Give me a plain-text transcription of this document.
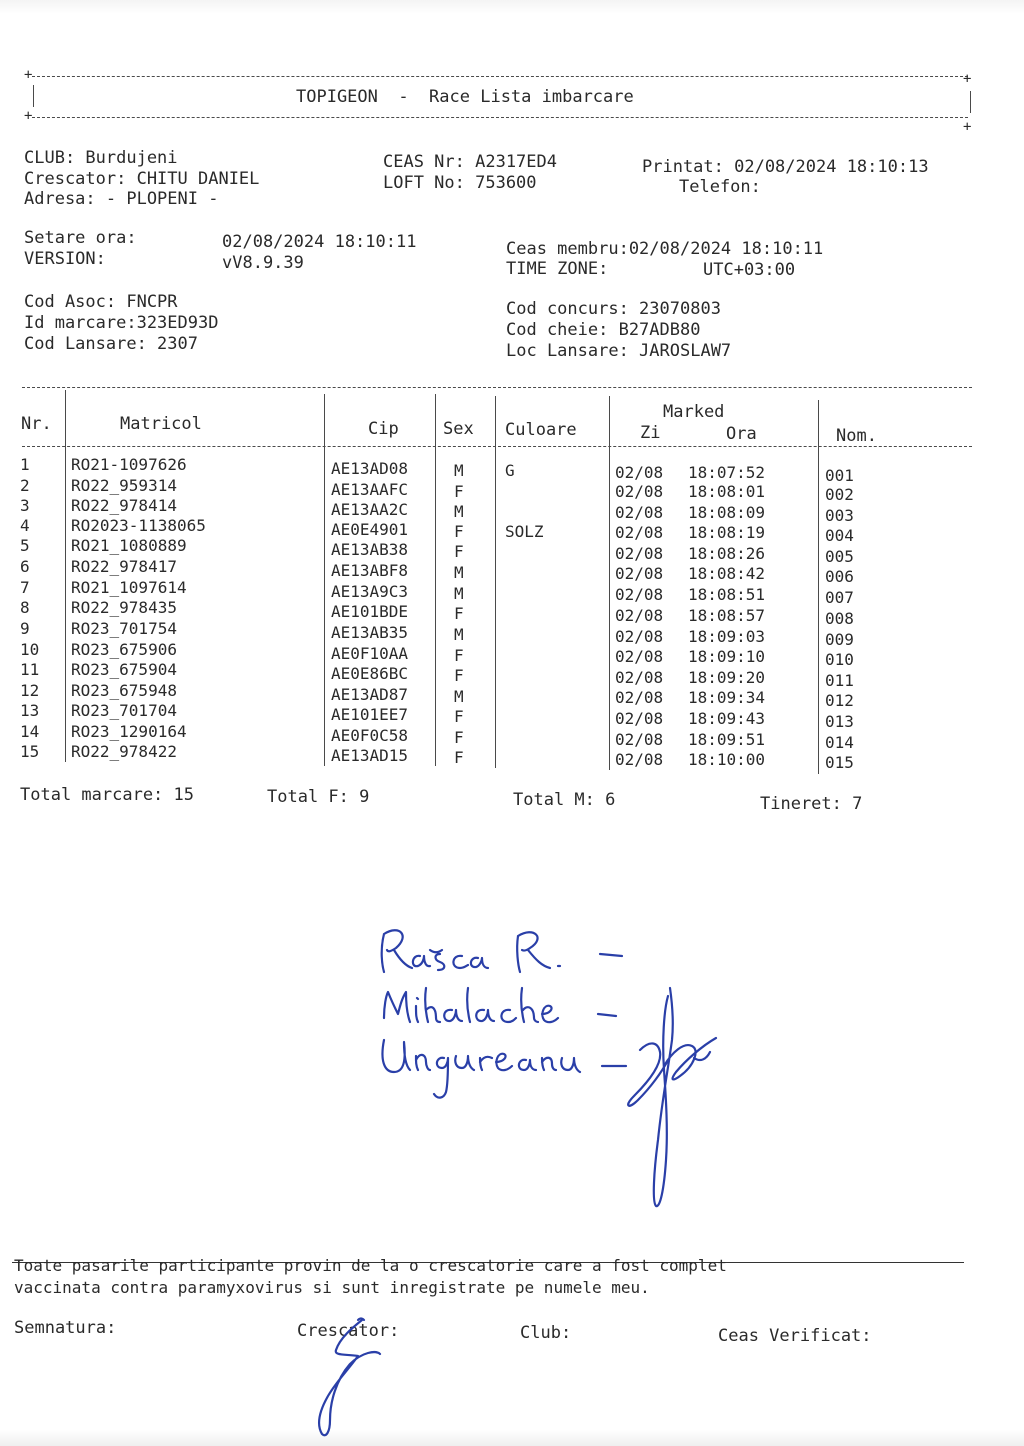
+	+
TOPIGEON  -  Race Lista imbarcare
+
+
CLUB: Burdujeni
Crescator: CHITU DANIEL
Adresa: - PLOPENI -
CEAS Nr: A2317ED4
LOFT No: 753600
Printat: 02/08/2024 18:10:13
Telefon:
Setare ora:	02/08/2024 18:10:11
VERSION:	vV8.9.39
Ceas membru:02/08/2024 18:10:11
TIME ZONE:	UTC+03:00
Cod Asoc: FNCPR
Id marcare:323ED93D
Cod Lansare: 2307
Cod concurs: 23070803
Cod cheie: B27ADB80
Loc Lansare: JAROSLAW7
Nr.	Matricol	Cip	Sex Culoare
Marked
Zi	Ora	Nom.
1	RO21-1097626	AE13AD08	M	G	02/08 18:07:52	001
2	RO22_959314	AE13AAFC	F	02/08 18:08:01	002
3	RO22_978414	AE13AA2C	M	02/08 18:08:09	003
4	RO2023-1138065	AE0E4901	F	SOLZ	02/08 18:08:19	004
5	RO21_1080889	AE13AB38	F	02/08 18:08:26	005
6	RO22_978417	AE13ABF8	M	02/08 18:08:42	006
7	RO21_1097614	AE13A9C3	M	02/08 18:08:51	007
8	RO22_978435	AE101BDE	F	02/08 18:08:57	008
9	RO23_701754	AE13AB35	M	02/08 18:09:03	009
10 RO23_675906	AE0F10AA	F	02/08 18:09:10	010
11 RO23_675904	AE0E86BC	F	02/08 18:09:20	011
12 RO23_675948	AE13AD87	M	02/08 18:09:34	012
13 RO23_701704	AE101EE7	F	02/08 18:09:43	013
14 RO23_1290164	AE0F0C58	F	02/08 18:09:51	014
15 RO22_978422	AE13AD15	F	02/08 18:10:00	015
Total marcare: 15	Total F: 9	Total M: 6	Tineret: 7
Toate pasarile participante provin de la o crescatorie care a fost complet
vaccinata contra paramyxovirus si sunt inregistrate pe numele meu.
Semnatura:	Crescator:	Club:	Ceas Verificat:
